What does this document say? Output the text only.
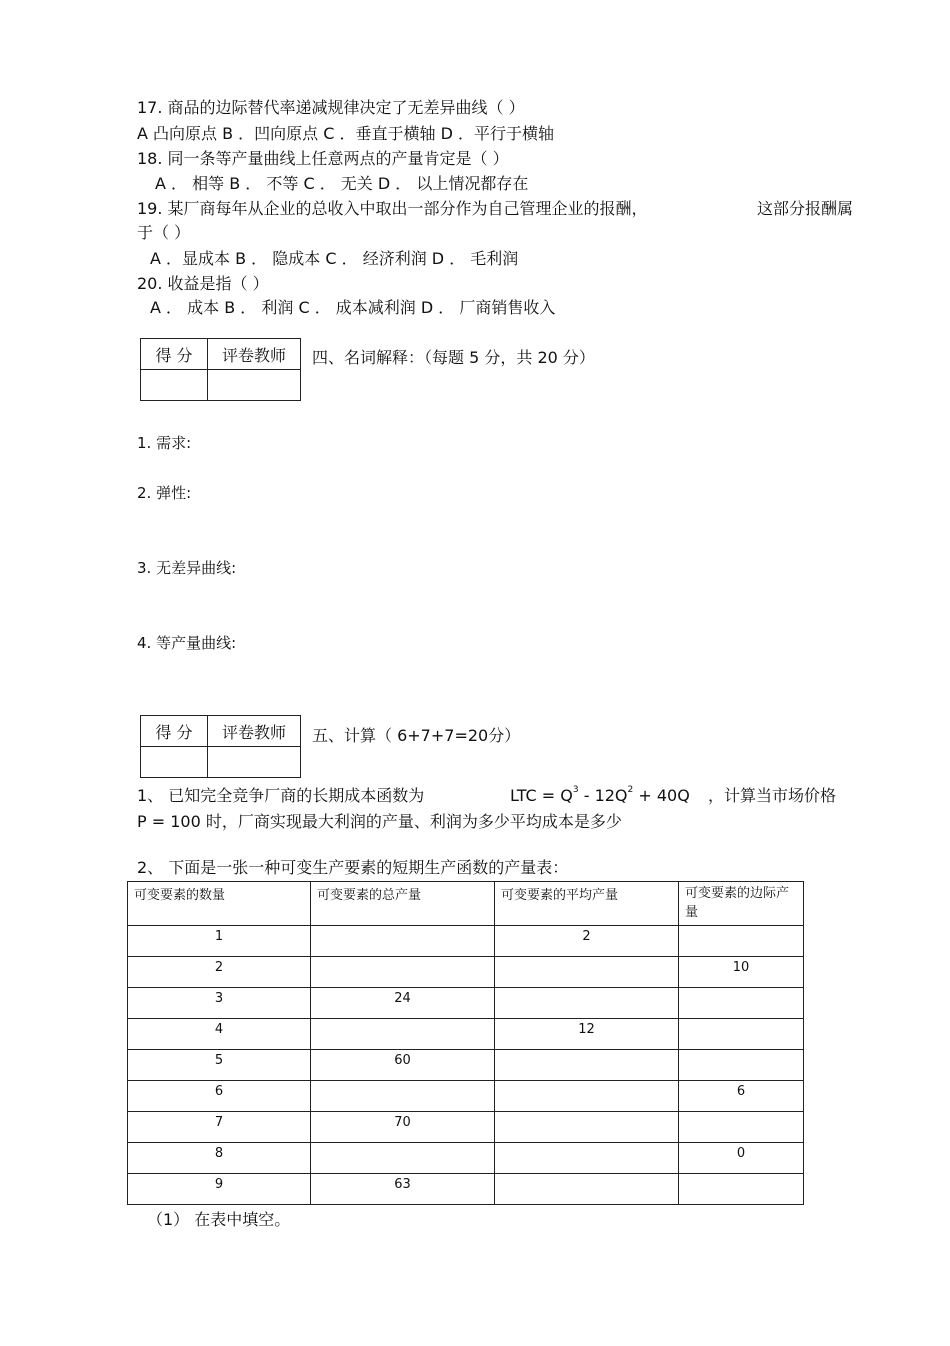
17. 商品的边际替代率递减规律决定了无差异曲线（ ）
A 凸向原点 B ．凹向原点 C ．垂直于横轴 D ．平行于横轴
18. 同一条等产量曲线上任意两点的产量肯定是（ ）
A ． 相等 B ． 不等 C ． 无关 D ． 以上情况都存在
19. 某厂商每年从企业的总收入中取出一部分作为自己管理企业的报酬，	这部分报酬属
于（ ）
A ．显成本 B ． 隐成本 C ． 经济利润 D ． 毛利润
20. 收益是指（ ）
A ． 成本 B ． 利润 C ． 成本减利润 D ． 厂商销售收入
得 分	评卷教师
	四、名词解释：（每题 5 分，共 20 分）
1. 需求:
2. 弹性:
3. 无差异曲线:
4. 等产量曲线:
得 分	评卷教师
	五、计算（ 6+7+7=20分）
1、 已知完全竞争厂商的长期成本函数为	LTC = $Q^3 - 12Q^2 + 40Q$ ，计算当市场价格
P = 100 时，厂商实现最大利润的产量、利润为多少平均成本是多少
2、 下面是一张一种可变生产要素的短期生产函数的产量表：
可变要素的数量	可变要素的总产量	可变要素的平均产量	可变要素的边际产量
1		2	
2			10
3	24		
4		12	
5	60		
6			6
7	70		
8			0
9	63		
（1） 在表中填空。
